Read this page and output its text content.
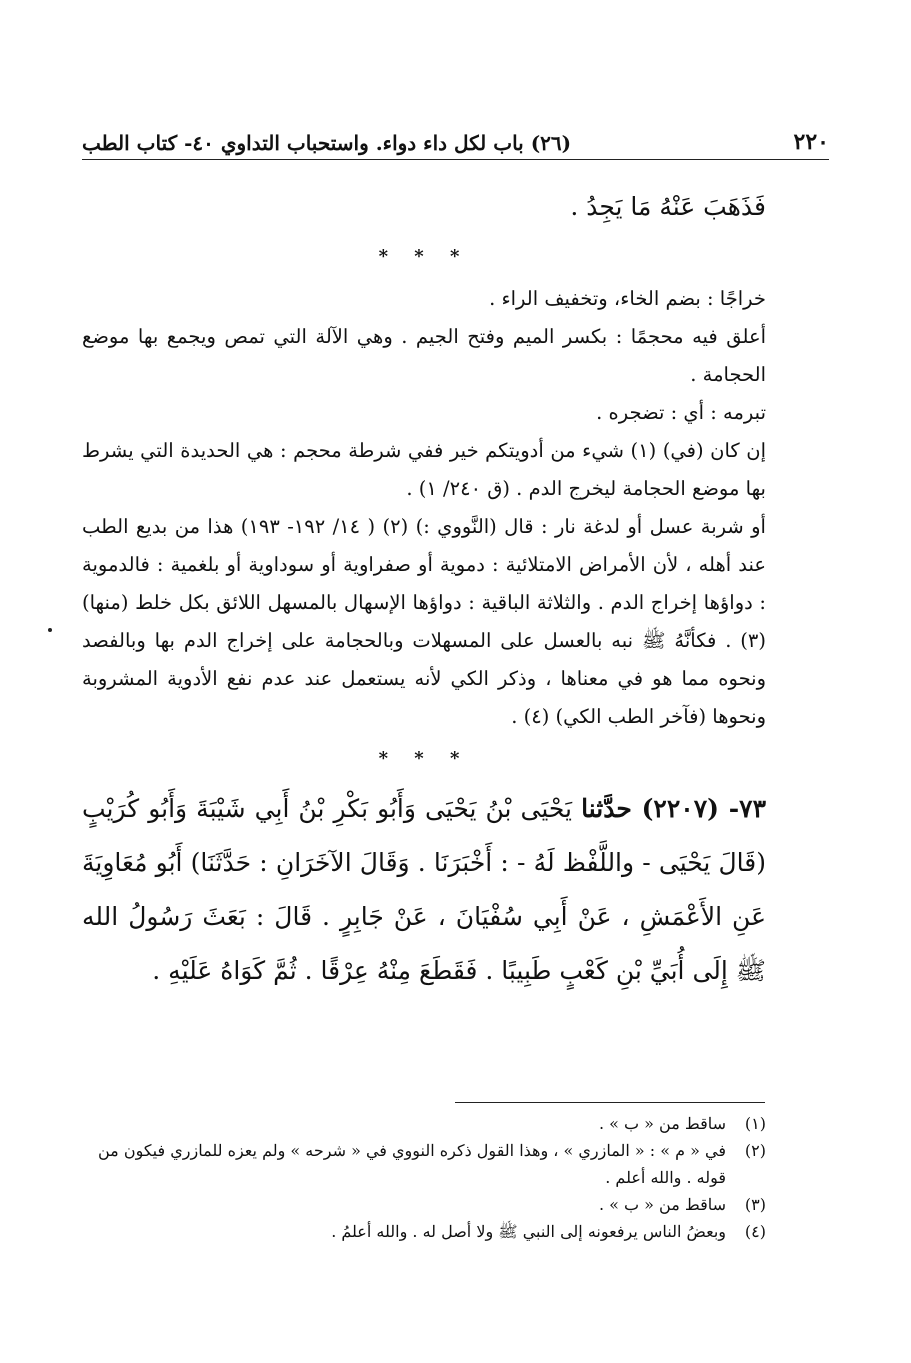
٢٢٠
(٢٦) باب لكل داء دواء. واستحباب التداوي ٤٠- كتاب الطب
فَذَهَبَ عَنْهُ مَا يَجِدُ .
* * *
خراجًا : بضم الخاء، وتخفيف الراء .
أعلق فيه محجمًا : بكسر الميم وفتح الجيم . وهي الآلة التي تمص ويجمع بها موضع الحجامة .
تبرمه : أي : تضجره .
إن كان (في) (١) شيء من أدويتكم خير ففي شرطة محجم : هي الحديدة التي يشرط بها موضع الحجامة ليخرج الدم . (ق ٢٤٠/ ١) .
أو شربة عسل أو لدغة نار : قال (النَّووي :) (٢) ( ١٤/ ١٩٢- ١٩٣) هذا من بديع الطب عند أهله ، لأن الأمراض الامتلائية : دموية أو صفراوية أو سوداوية أو بلغمية : فالدموية : دواؤها إخراج الدم . والثلاثة الباقية : دواؤها الإسهال بالمسهل اللائق بكل خلط (منها) (٣) . فكأنَّهُ ﷺ نبه بالعسل على المسهلات وبالحجامة على إخراج الدم بها وبالفصد ونحوه مما هو في معناها ، وذكر الكي لأنه يستعمل عند عدم نفع الأدوية المشروبة ونحوها (فآخر الطب الكي) (٤) .
* * *
٧٣- (٢٢٠٧) حدَّثنا يَحْيَى بْنُ يَحْيَى وَأَبُو بَكْرِ بْنُ أَبِي شَيْبَةَ وَأَبُو كُرَيْبٍ (قَالَ يَحْيَى - واللَّفْظ لَهُ - : أَخْبَرَنَا . وَقَالَ الآخَرَانِ : حَدَّثَنَا) أَبُو مُعَاوِيَةَ عَنِ الأَعْمَشِ ، عَنْ أَبِي سُفْيَانَ ، عَنْ جَابِرٍ . قَالَ : بَعَثَ رَسُولُ الله ﷺ إِلَى أُبَيِّ بْنِ كَعْبٍ طَبِيبًا . فَقَطَعَ مِنْهُ عِرْقًا . ثُمَّ كَوَاهُ عَلَيْهِ .
(١)
ساقط من « ب » .
(٢)
في « م » : « المازري » ، وهذا القول ذكره النووي في « شرحه » ولم يعزه للمازري فيكون من قوله . والله أعلم .
(٣)
ساقط من « ب » .
(٤)
وبعضُ الناس يرفعونه إلى النبي ﷺ ولا أصل له . والله أعلمُ .
